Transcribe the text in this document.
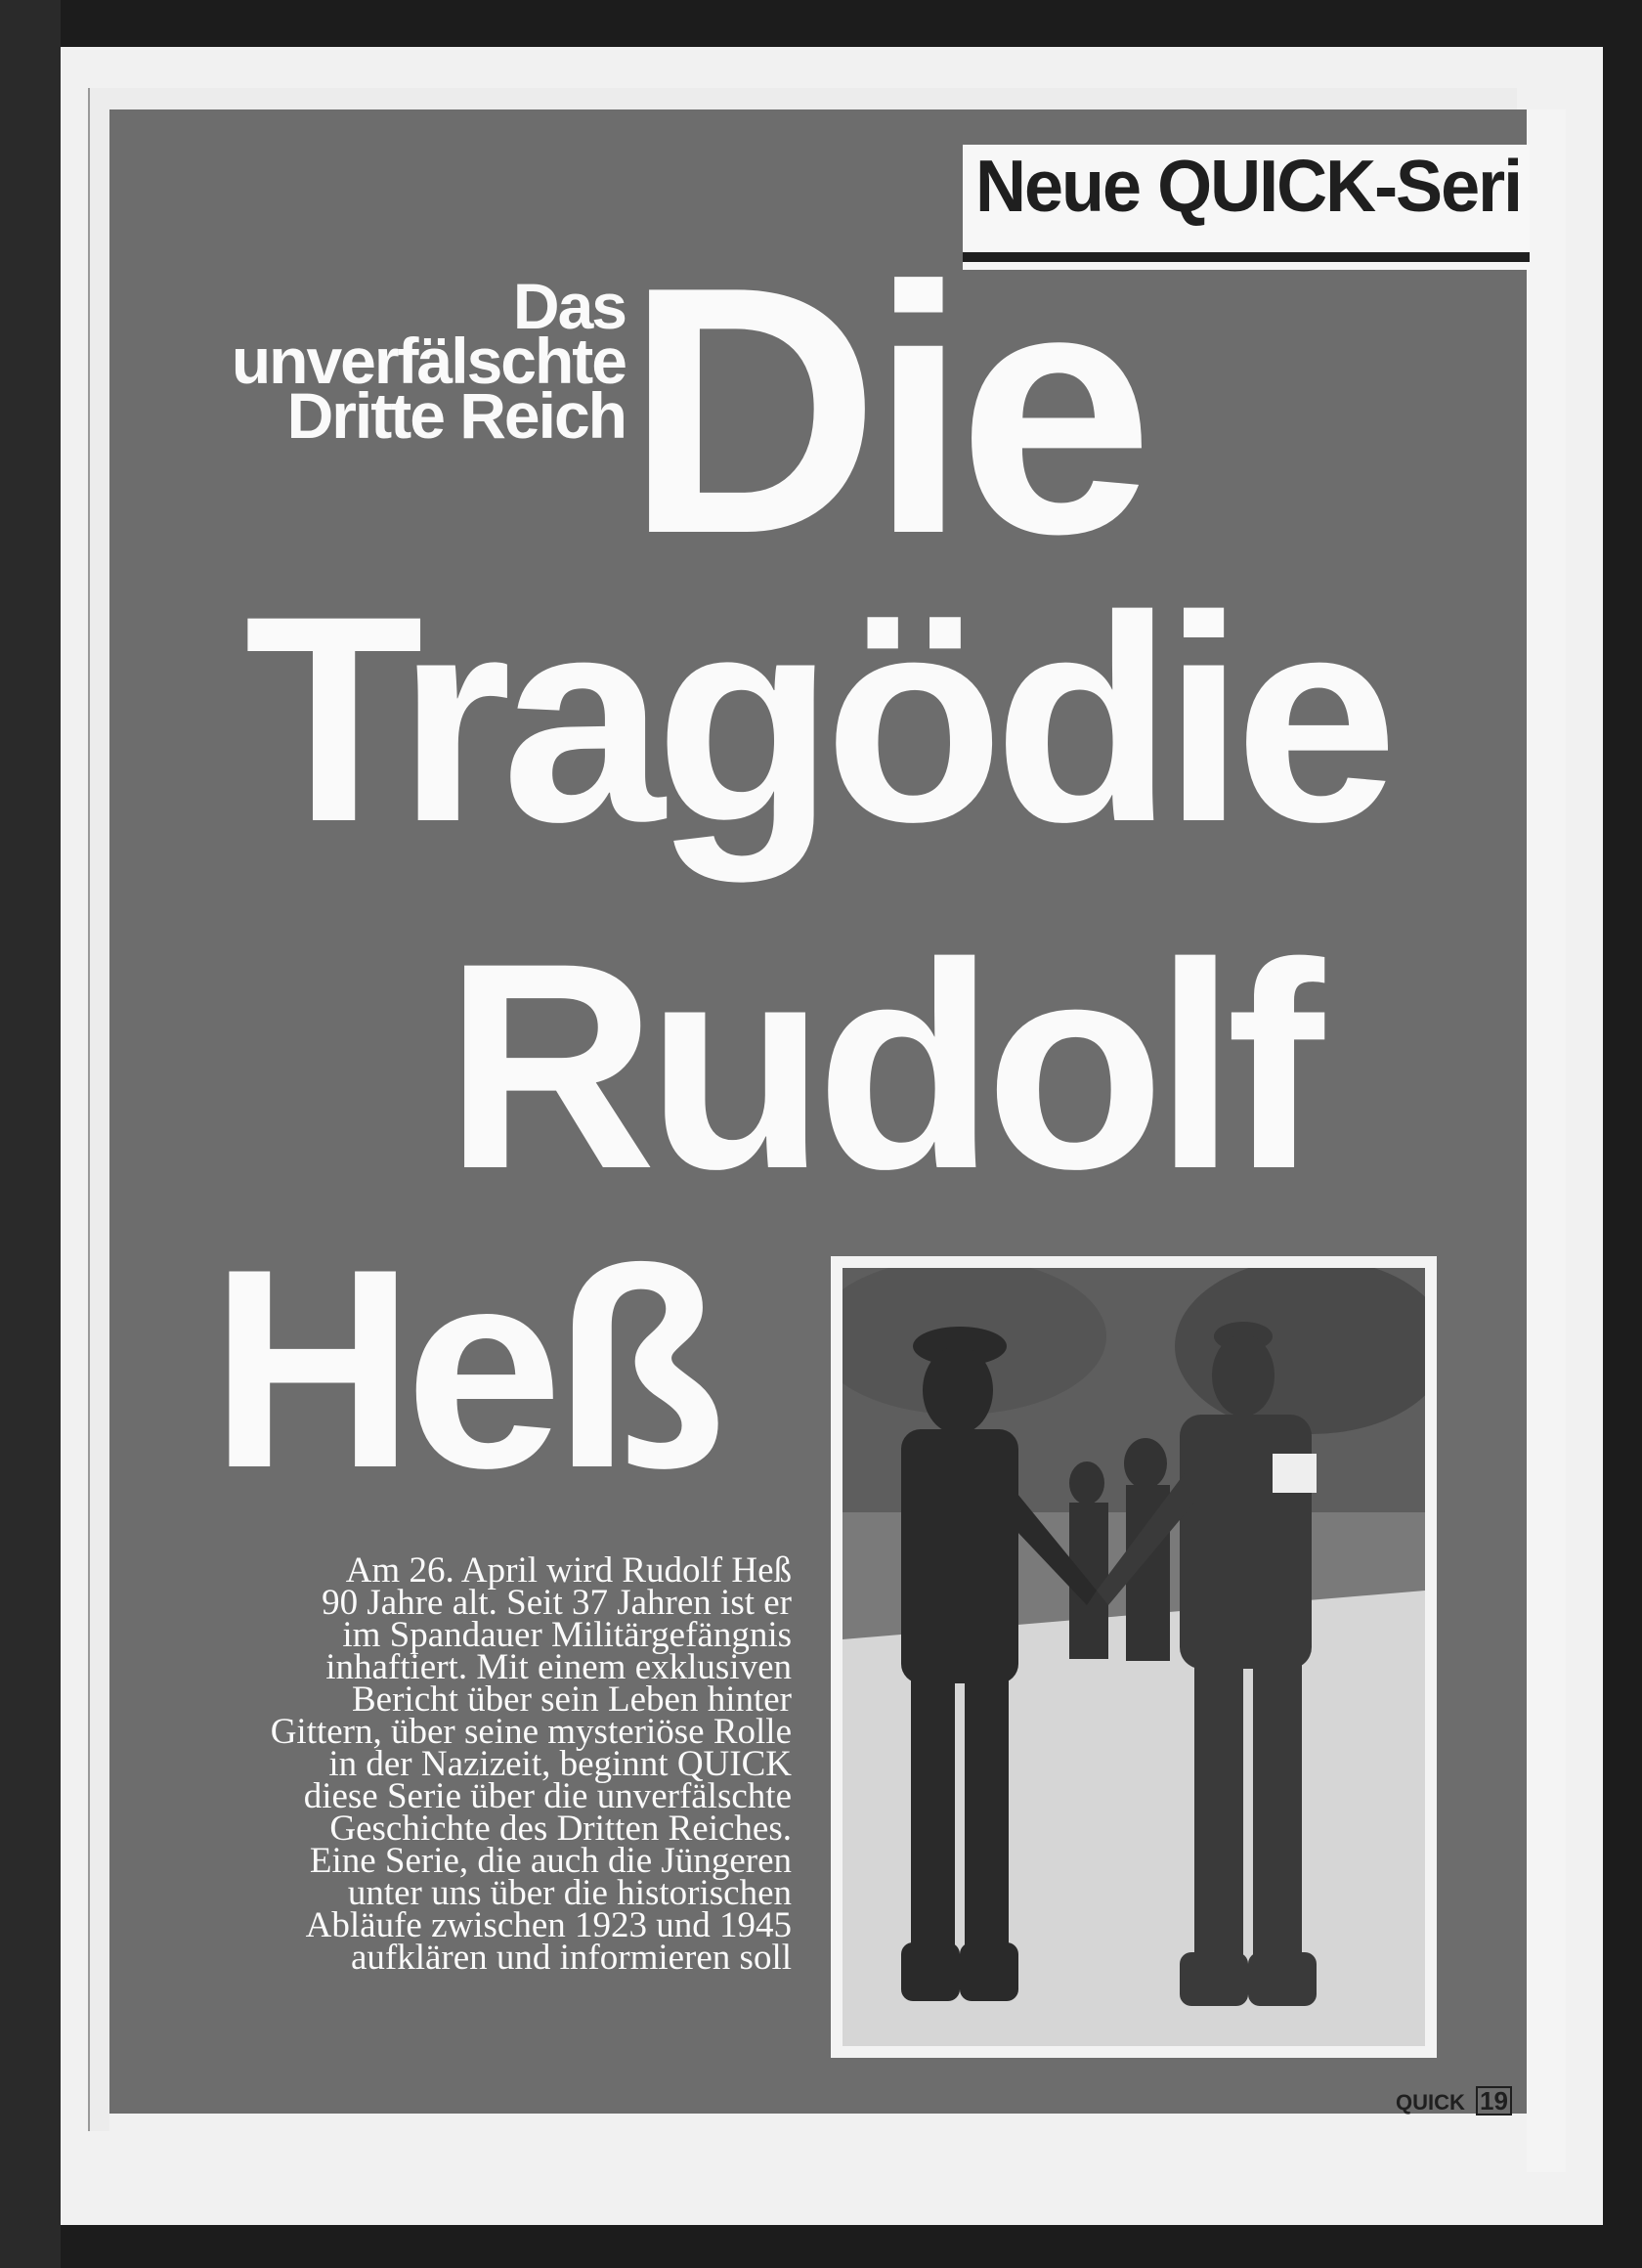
Neue QUICK-Seri
Das
unverfälschte
Dritte Reich Die
Tragödie
Rudolf
Heß
Am 26. April wird Rudolf Heß
90 Jahre alt. Seit 37 Jahren ist er
im Spandauer Militärgefängnis
inhaftiert. Mit einem exklusiven
Bericht über sein Leben hinter
Gittern, über seine mysteriöse Rolle
in der Nazizeit, beginnt QUICK
diese Serie über die unverfälschte
Geschichte des Dritten Reiches.
Eine Serie, die auch die Jüngeren
unter uns über die historischen
Abläufe zwischen 1923 und 1945
aufklären und informieren soll
QUICK 19
